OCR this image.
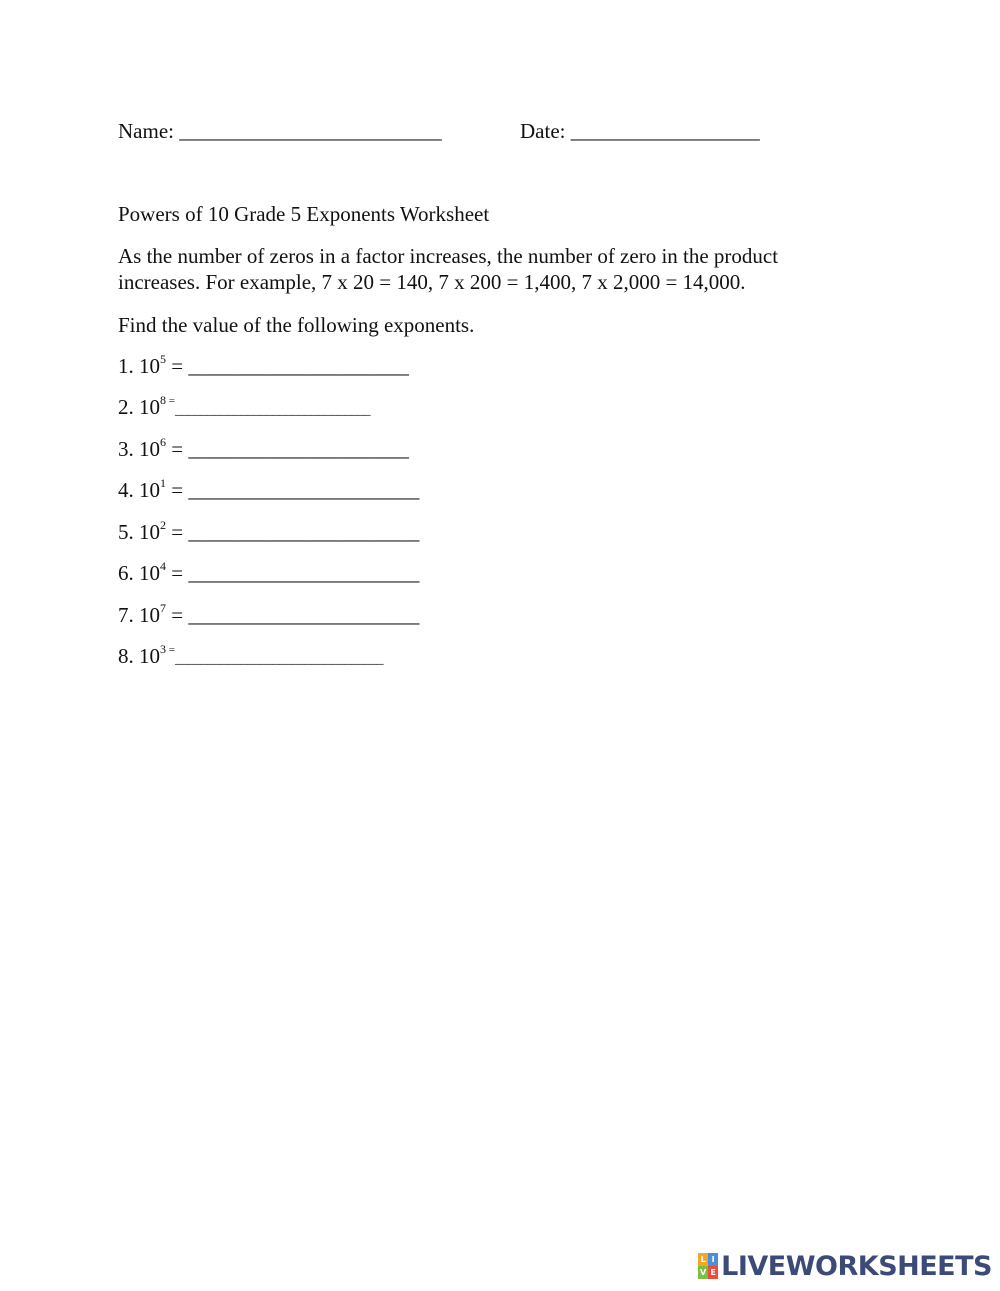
Name: _________________________	Date: __________________
Powers of 10 Grade 5 Exponents Worksheet
As the number of zeros in a factor increases, the number of zero in the product increases. For example, 7 x 20 = 140, 7 x 200 = 1,400, 7 x 2,000 = 14,000.
Find the value of the following exponents.
1. $10^5$ = _____________________
2. $10^8$ =______________________________
3. $10^6$ = _____________________
4. $10^1$ = ______________________
5. $10^2$ = ______________________
6. $10^4$ = ______________________
7. $10^7$ = ______________________
8. $10^3$ =________________________________
L I
V E LIVEWORKSHEETS
